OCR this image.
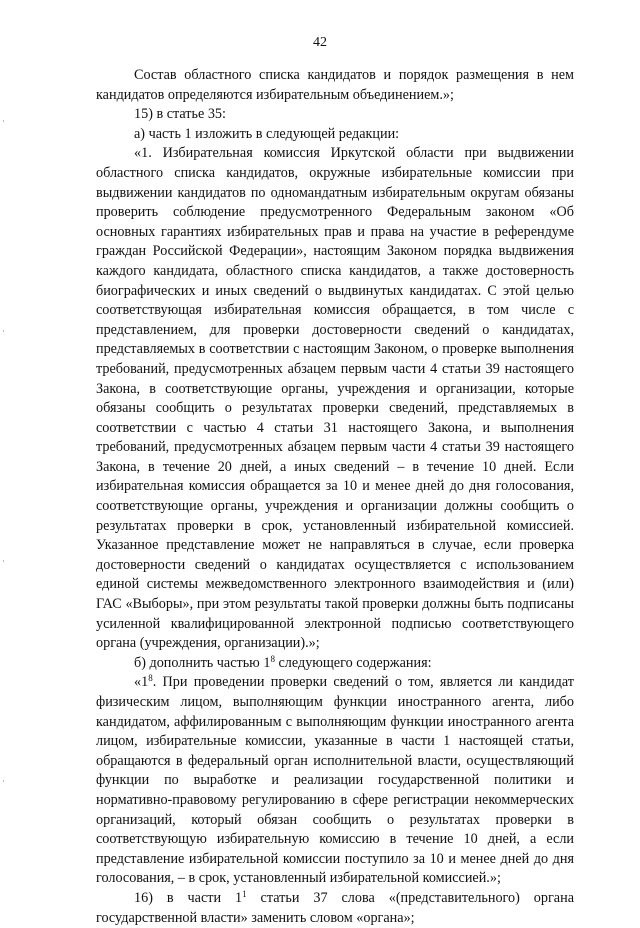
42

Состав областного списка кандидатов и порядок размещения в нем кандидатов определяются избирательным объединением.»;

15) в статье 35:

а) часть 1 изложить в следующей редакции:

«1. Избирательная комиссия Иркутской области при выдвижении областного списка кандидатов, окружные избирательные комиссии при выдвижении кандидатов по одномандатным избирательным округам обязаны проверить соблюдение предусмотренного Федеральным законом «Об основных гарантиях избирательных прав и права на участие в референдуме граждан Российской Федерации», настоящим Законом порядка выдвижения каждого кандидата, областного списка кандидатов, а также достоверность биографических и иных сведений о выдвинутых кандидатах. С этой целью соответствующая избирательная комиссия обращается, в том числе с представлением, для проверки достоверности сведений о кандидатах, представляемых в соответствии с настоящим Законом, о проверке выполнения требований, предусмотренных абзацем первым части 4 статьи 39 настоящего Закона, в соответствующие органы, учреждения и организации, которые обязаны сообщить о результатах проверки сведений, представляемых в соответствии с частью 4 статьи 31 настоящего Закона, и выполнения требований, предусмотренных абзацем первым части 4 статьи 39 настоящего Закона, в течение 20 дней, а иных сведений – в течение 10 дней. Если избирательная комиссия обращается за 10 и менее дней до дня голосования, соответствующие органы, учреждения и организации должны сообщить о результатах проверки в срок, установленный избирательной комиссией. Указанное представление может не направляться в случае, если проверка достоверности сведений о кандидатах осуществляется с использованием единой системы межведомственного электронного взаимодействия и (или) ГАС «Выборы», при этом результаты такой проверки должны быть подписаны усиленной квалифицированной электронной подписью соответствующего органа (учреждения, организации).»;

б) дополнить частью $1^8$ следующего содержания:

«$1^8$. При проведении проверки сведений о том, является ли кандидат физическим лицом, выполняющим функции иностранного агента, либо кандидатом, аффилированным с выполняющим функции иностранного агента лицом, избирательные комиссии, указанные в части 1 настоящей статьи, обращаются в федеральный орган исполнительной власти, осуществляющий функции по выработке и реализации государственной политики и нормативно-правовому регулированию в сфере регистрации некоммерческих организаций, который обязан сообщить о результатах проверки в соответствующую избирательную комиссию в течение 10 дней, а если представление избирательной комиссии поступило за 10 и менее дней до дня голосования, – в срок, установленный избирательной комиссией.»;

16) в части $1^1$ статьи 37 слова «(представительного) органа государственной власти» заменить словом «органа»;
